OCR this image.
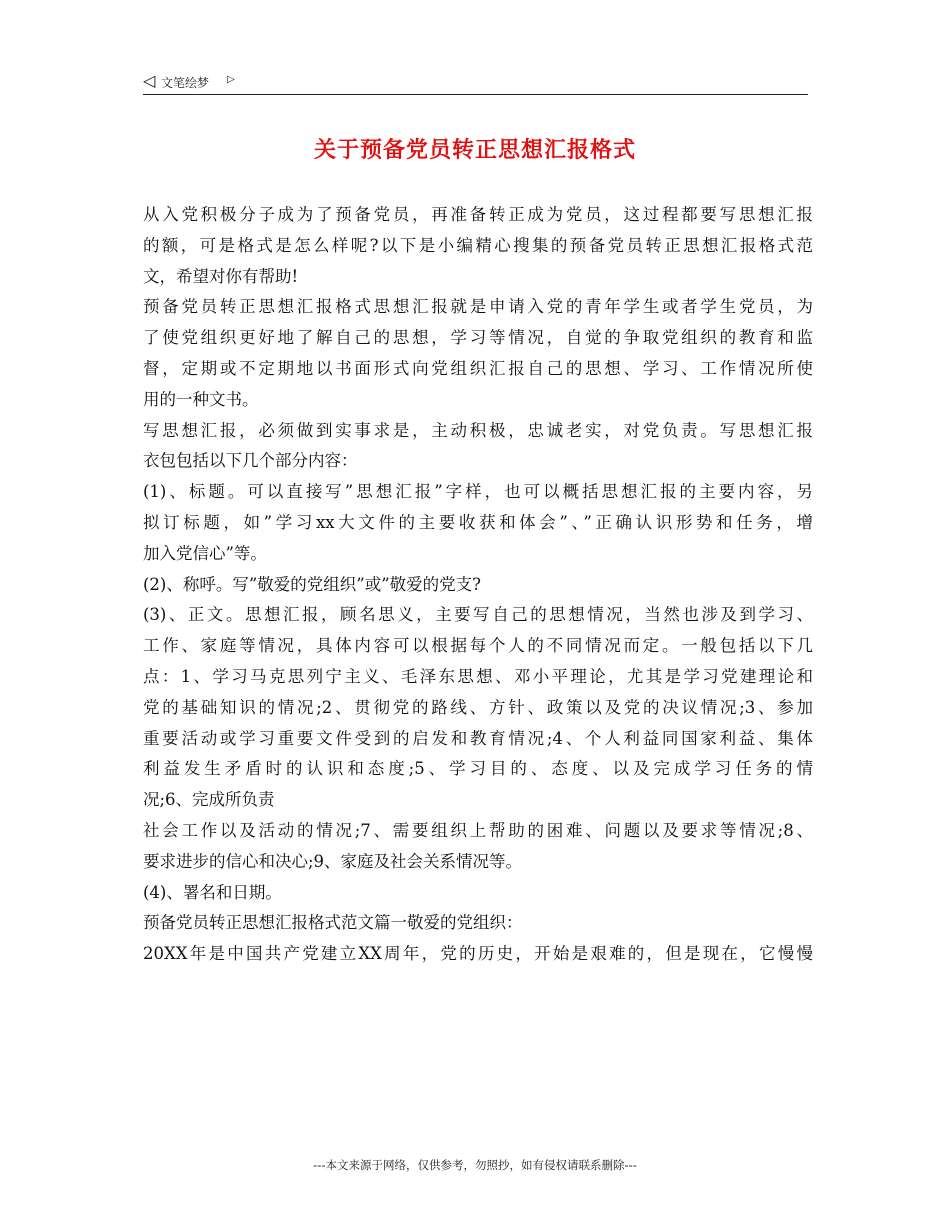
◁ 文笔绘梦 ▷
关于预备党员转正思想汇报格式
从入党积极分子成为了预备党员，再准备转正成为党员，这过程都要写思想汇报
的额，可是格式是怎么样呢?以下是小编精心搜集的预备党员转正思想汇报格式范
文，希望对你有帮助!
预备党员转正思想汇报格式思想汇报就是申请入党的青年学生或者学生党员，为
了使党组织更好地了解自己的思想，学习等情况，自觉的争取党组织的教育和监
督，定期或不定期地以书面形式向党组织汇报自己的思想、学习、工作情况所使
用的一种文书。
写思想汇报，必须做到实事求是，主动积极，忠诚老实，对党负责。写思想汇报
衣包包括以下几个部分内容：
(1)、标题。可以直接写”思想汇报”字样，也可以概括思想汇报的主要内容，另
拟订标题，如”学习xx大文件的主要收获和体会”、”正确认识形势和任务，增
加入党信心”等。
(2)、称呼。写”敬爱的党组织”或”敬爱的党支?
(3)、正文。思想汇报，顾名思义，主要写自己的思想情况，当然也涉及到学习、
工作、家庭等情况，具体内容可以根据每个人的不同情况而定。一般包括以下几
点：1、学习马克思列宁主义、毛泽东思想、邓小平理论，尤其是学习党建理论和
党的基础知识的情况;2、贯彻党的路线、方针、政策以及党的决议情况;3、参加
重要活动或学习重要文件受到的启发和教育情况;4、个人利益同国家利益、集体
利益发生矛盾时的认识和态度;5、学习目的、态度、以及完成学习任务的情
况;6、完成所负责
社会工作以及活动的情况;7、需要组织上帮助的困难、问题以及要求等情况;8、
要求进步的信心和决心;9、家庭及社会关系情况等。
(4)、署名和日期。
预备党员转正思想汇报格式范文篇一敬爱的党组织：
20XX年是中国共产党建立XX周年，党的历史，开始是艰难的，但是现在，它慢慢
---本文来源于网络，仅供参考，勿照抄，如有侵权请联系删除---
